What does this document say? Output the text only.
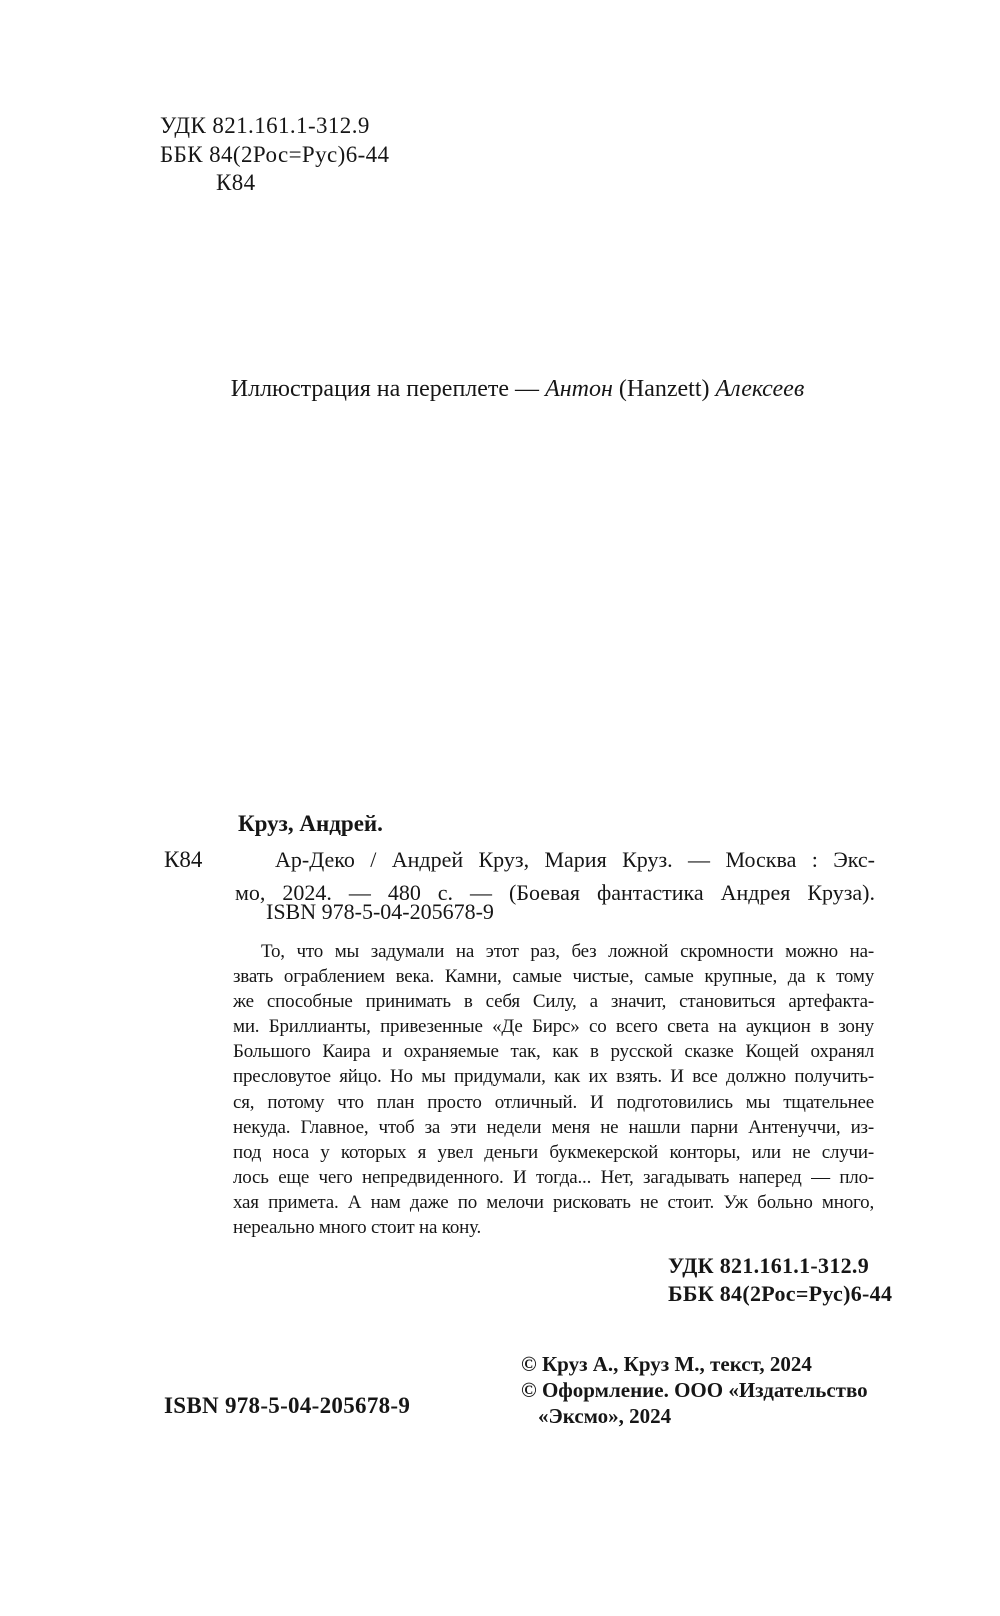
УДК 821.161.1-312.9
ББК 84(2Рос=Рус)6-44
К84
Иллюстрация на переплете — Антон (Hanzett) Алексеев
Круз, Андрей.
К84	Ар-Деко / Андрей Круз, Мария Круз. — Москва : Экс-
мо, 2024. — 480 с. — (Боевая фантастика Андрея Круза).
ISBN 978-5-04-205678-9
То, что мы задумали на этот раз, без ложной скромности можно на-
звать ограблением века. Камни, самые чистые, самые крупные, да к тому
же способные принимать в себя Силу, а значит, становиться артефакта-
ми. Бриллианты, привезенные «Де Бирс» со всего света на аукцион в зону
Большого Каира и охраняемые так, как в русской сказке Кощей охранял
пресловутое яйцо. Но мы придумали, как их взять. И все должно получить-
ся, потому что план просто отличный. И подготовились мы тщательнее
некуда. Главное, чтоб за эти недели меня не нашли парни Антенуччи, из-
под носа у которых я увел деньги букмекерской конторы, или не случи-
лось еще чего непредвиденного. И тогда... Нет, загадывать наперед — пло-
хая примета. А нам даже по мелочи рисковать не стоит. Уж больно много,
нереально много стоит на кону.
УДК 821.161.1-312.9
ББК 84(2Рос=Рус)6-44
© Круз А., Круз М., текст, 2024
© Оформление. ООО «Издательство
«Эксмо», 2024
ISBN 978-5-04-205678-9
